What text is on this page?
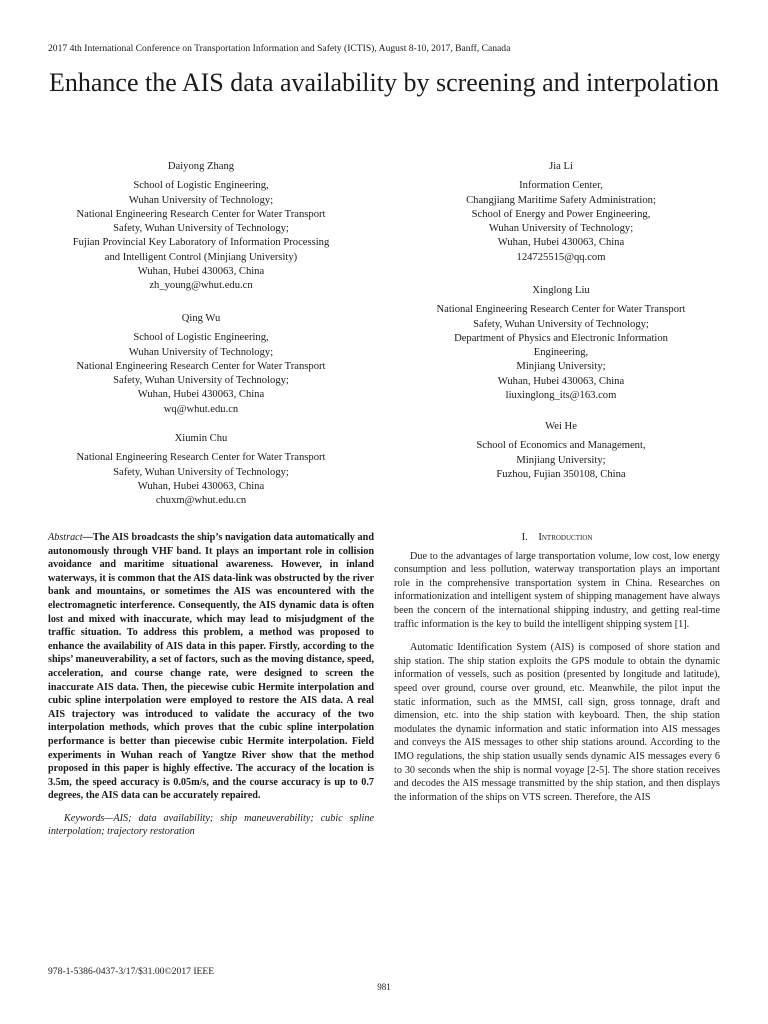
2017 4th International Conference on Transportation Information and Safety (ICTIS), August 8-10, 2017, Banff, Canada
Enhance the AIS data availability by screening and interpolation
Daiyong Zhang
School of Logistic Engineering,
Wuhan University of Technology;
National Engineering Research Center for Water Transport
Safety, Wuhan University of Technology;
Fujian Provincial Key Laboratory of Information Processing
and Intelligent Control (Minjiang University)
Wuhan, Hubei 430063, China
zh_young@whut.edu.cn
Jia Li
Information Center,
Changjiang Maritime Safety Administration;
School of Energy and Power Engineering,
Wuhan University of Technology;
Wuhan, Hubei 430063, China
124725515@qq.com
Xinglong Liu
National Engineering Research Center for Water Transport
Safety, Wuhan University of Technology;
Department of Physics and Electronic Information
Engineering,
Minjiang University;
Wuhan, Hubei 430063, China
liuxinglong_its@163.com
Qing Wu
School of Logistic Engineering,
Wuhan University of Technology;
National Engineering Research Center for Water Transport
Safety, Wuhan University of Technology;
Wuhan, Hubei 430063, China
wq@whut.edu.cn
Wei He
School of Economics and Management,
Minjiang University;
Fuzhou, Fujian 350108, China
Xiumin Chu
National Engineering Research Center for Water Transport
Safety, Wuhan University of Technology;
Wuhan, Hubei 430063, China
chuxm@whut.edu.cn
Abstract—The AIS broadcasts the ship’s navigation data automatically and autonomously through VHF band. It plays an important role in collision avoidance and maritime situational awareness. However, in inland waterways, it is common that the AIS data-link was obstructed by the river bank and mountains, or sometimes the AIS was encountered with the electromagnetic interference. Consequently, the AIS dynamic data is often lost and mixed with inaccurate, which may lead to misjudgment of the traffic situation. To address this problem, a method was proposed to enhance the availability of AIS data in this paper. Firstly, according to the ships’ maneuverability, a set of factors, such as the moving distance, speed, acceleration, and course change rate, were designed to screen the inaccurate AIS data. Then, the piecewise cubic Hermite interpolation and cubic spline interpolation were employed to restore the AIS data. A real AIS trajectory was introduced to validate the accuracy of the two interpolation methods, which proves that the cubic spline interpolation performance is better than piecewise cubic Hermite interpolation. Field experiments in Wuhan reach of Yangtze River show that the method proposed in this paper is highly effective. The accuracy of the location is 3.5m, the speed accuracy is 0.05m/s, and the course accuracy is up to 0.7 degrees, the AIS data can be accurately repaired.
Keywords—AIS; data availability; ship maneuverability; cubic spline interpolation; trajectory restoration
I. Introduction

Due to the advantages of large transportation volume, low cost, low energy consumption and less pollution, waterway transportation plays an important role in the comprehensive transportation system in China. Researches on informationization and intelligent system of shipping management have always been the concern of the international shipping industry, and getting real-time traffic information is the key to build the intelligent shipping system [1].

Automatic Identification System (AIS) is composed of shore station and ship station. The ship station exploits the GPS module to obtain the dynamic information of vessels, such as position (presented by longitude and latitude), speed over ground, course over ground, etc. Meanwhile, the pilot input the static information, such as the MMSI, call sign, gross tonnage, draft and dimension, etc. into the ship station with keyboard. Then, the ship station modulates the dynamic information and static information into AIS messages and conveys the AIS messages to other ship stations around. According to the IMO regulations, the ship station usually sends dynamic AIS messages every 6 to 30 seconds when the ship is normal voyage [2-5]. The shore station receives and decodes the AIS message transmitted by the ship station, and then displays the information of the ships on VTS screen. Therefore, the AIS

978-1-5386-0437-3/17/$31.00©2017 IEEE
981
